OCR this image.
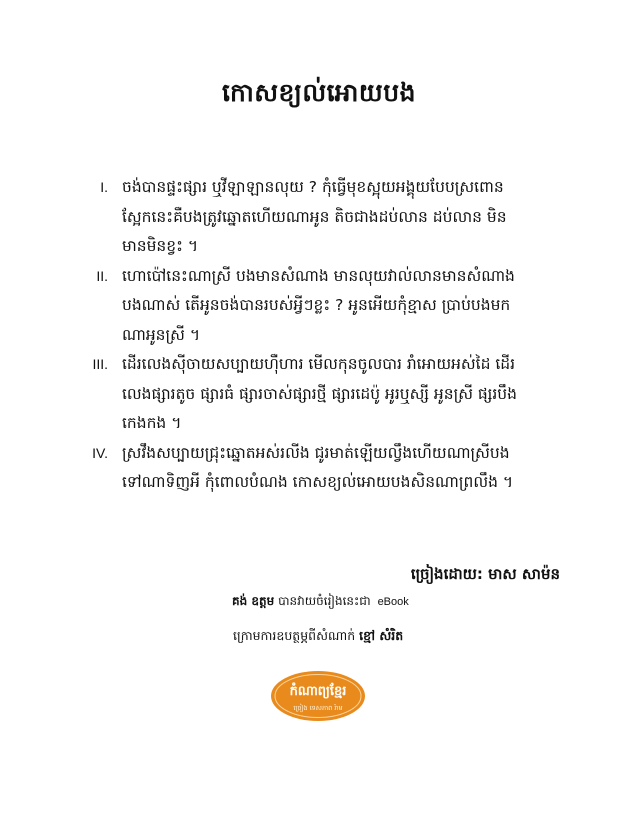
កោសខ្យល់អោយបង
I. ចង់បានផ្ទះផ្សារ ឬវីឡាឡានលុយ ? កុំធ្វើមុខស្អុយអង្គុយបែបស្រពោន
ស្អែកនេះគឺបងត្រូវឆ្នោតហើយណាអូន តិចជាងដប់លាន ដប់លាន មិន
មានមិនខ្វះ ។
II. ហោប៉ៅនេះណាស្រី បងមានសំណាង មានលុយវាល់លានមានសំណាង
បងណាស់ តើអូនចង់បានរបស់អ្វីៗខ្លះ ? អូនអើយកុំខ្មាស ប្រាប់បងមក
ណាអូនស្រី ។
III. ដើរលេងស៊ីចាយសប្បាយហ៊ឺហារ មើលកុនចូលបារ រាំអោយអស់ដៃ ដើរ
លេងផ្សារតូច ផ្សារធំ ផ្សារចាស់ផ្សារថ្មី ផ្សារដេប៉ូ អូរឬស្សី អូនស្រី ផ្សរបឹង
កេងកង ។
IV. ស្រវឹងសប្បាយជ្រុះឆ្នោតអស់រលីង ជូរមាត់ឡើយល្វឹងហើយណាស្រីបង
ទៅណាទិញអី កុំពោលបំណង កោសខ្យល់អោយបងសិនណាព្រលឹង ។
ច្រៀងដោយ: មាស សាម៉ន
គង់ ឧត្តម បានវាយចំរៀងនេះជា eBook
ក្រោមការឧបត្ថម្ភពីសំណាក់ ខ្មៅ សំរិត
កំណាព្យខ្មែរ
ច្រៀង​ ទេសភាព​ រ៉ាម
